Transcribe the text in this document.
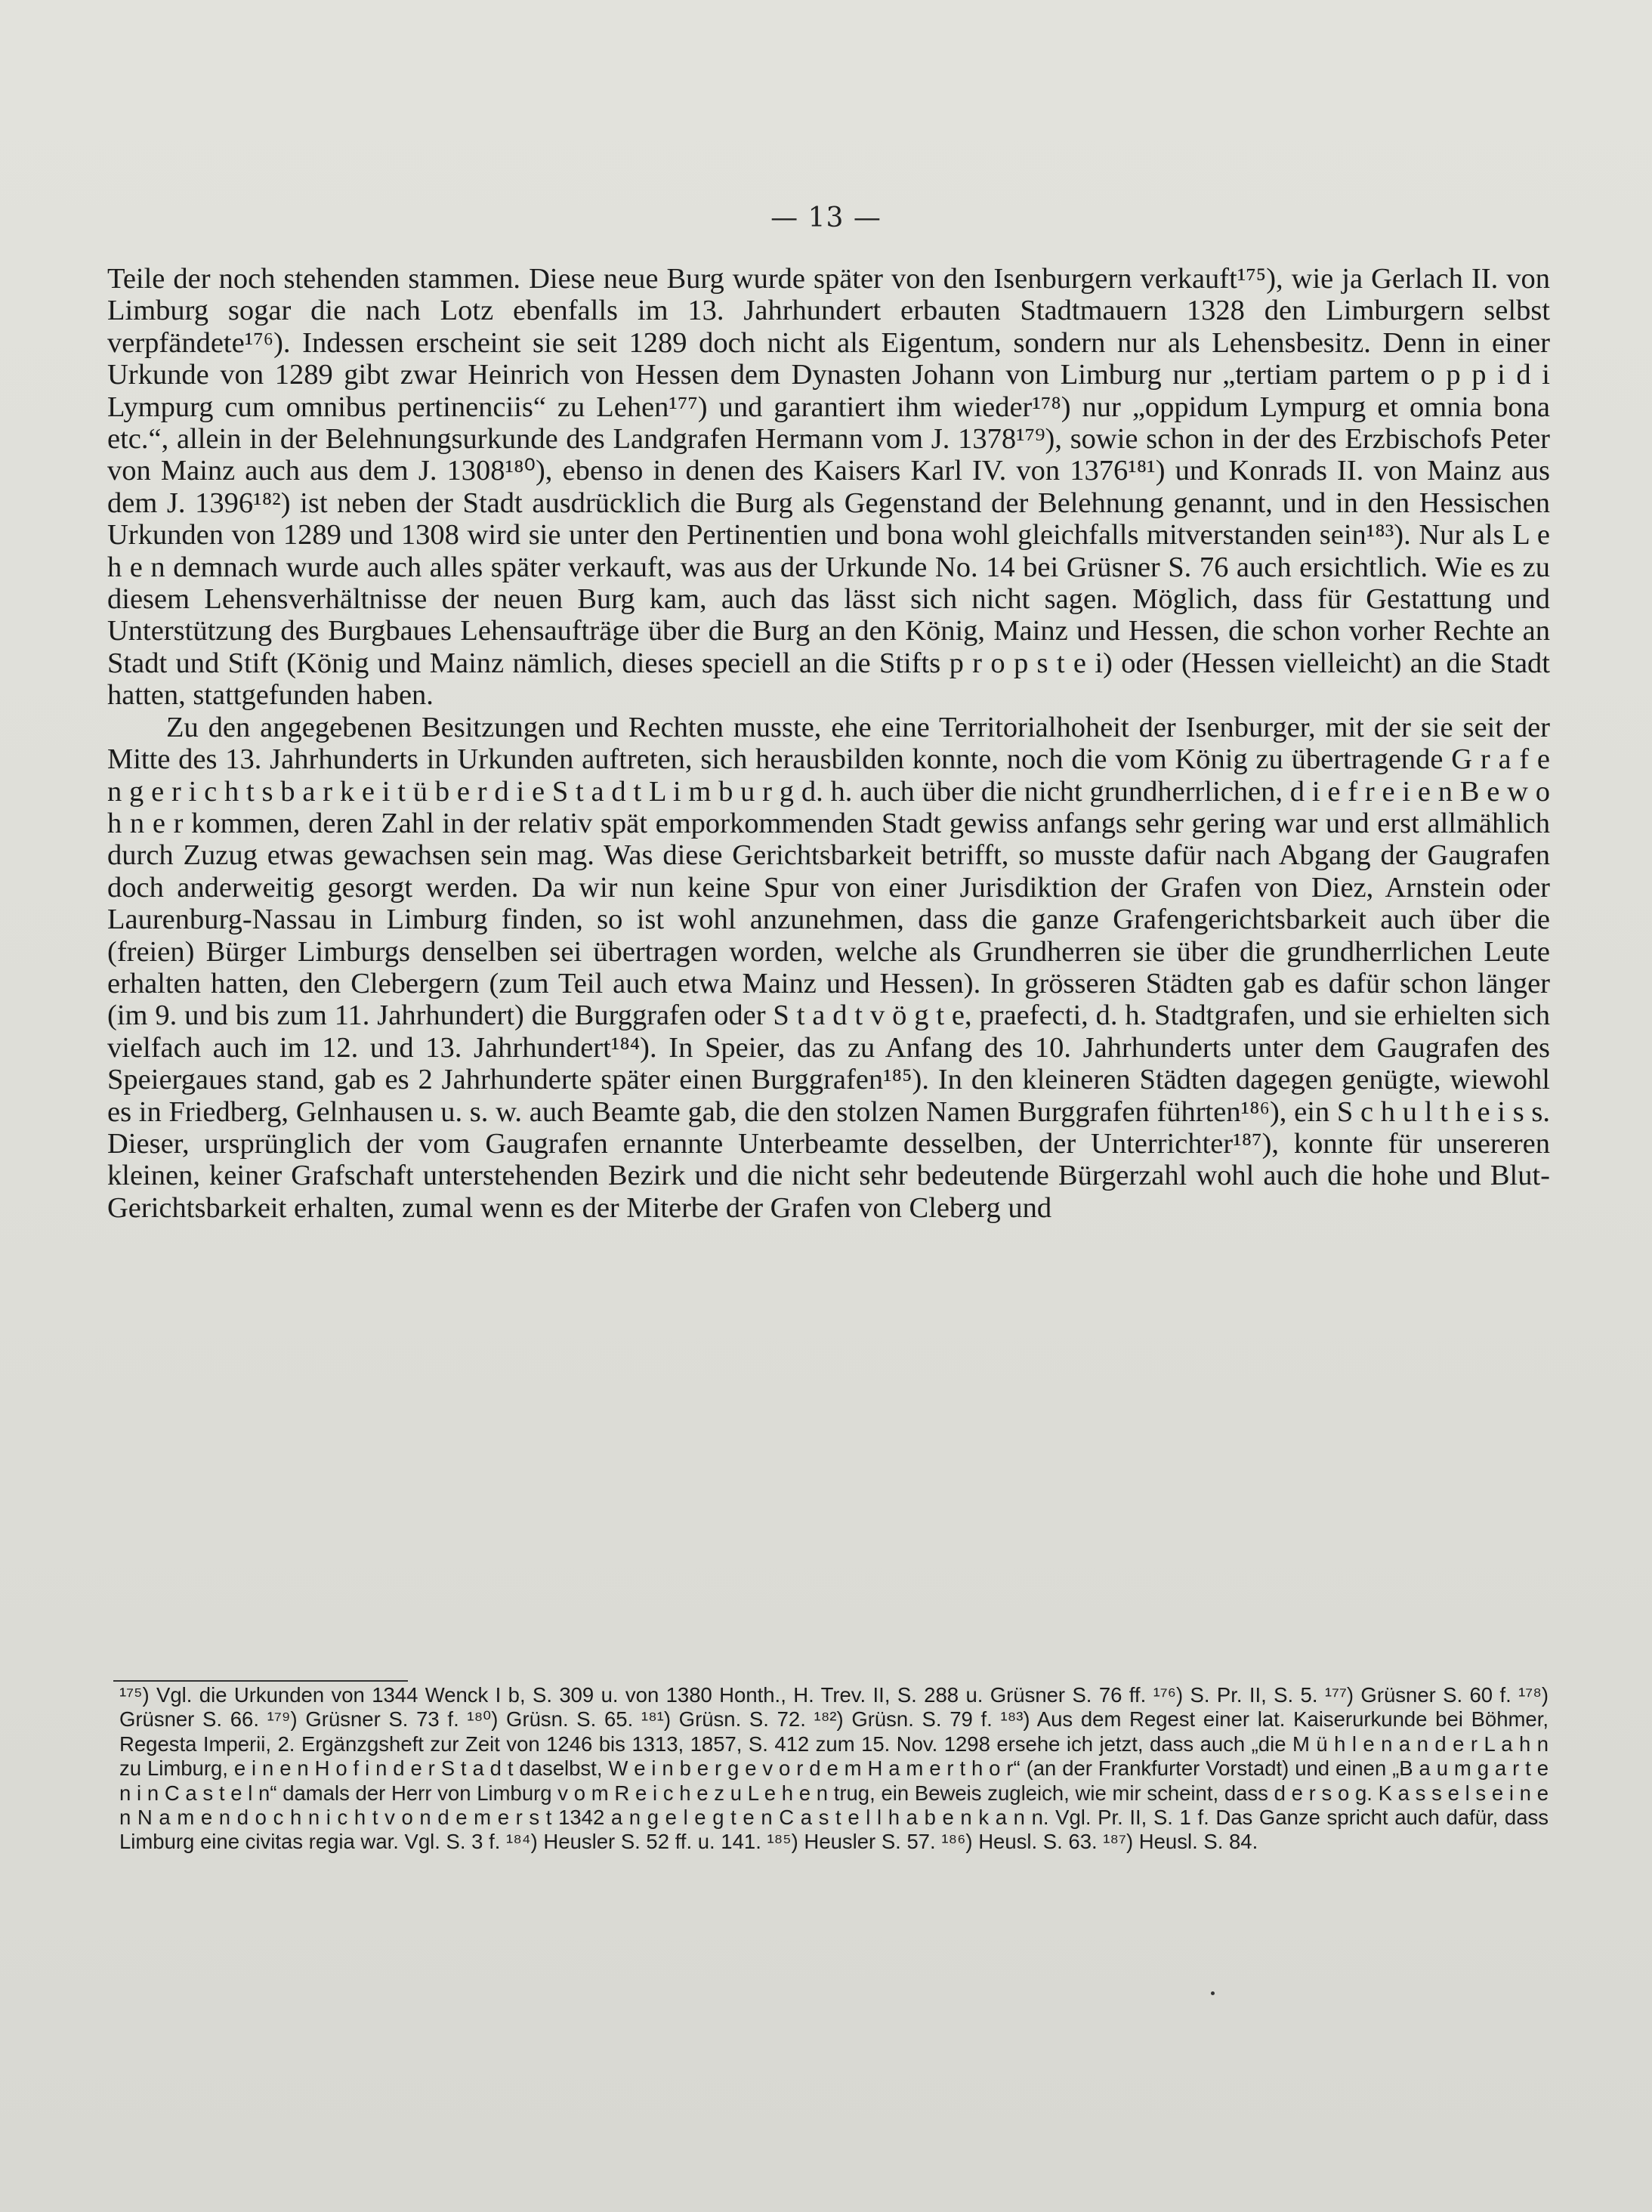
— 13 —

Teile der noch stehenden stammen. Diese neue Burg wurde später von den Isenburgern verkauft¹⁷⁵), wie ja Gerlach II. von Limburg sogar die nach Lotz ebenfalls im 13. Jahrhundert erbauten Stadtmauern 1328 den Limburgern selbst verpfändete¹⁷⁶). Indessen erscheint sie seit 1289 doch nicht als Eigentum, sondern nur als Lehensbesitz. Denn in einer Urkunde von 1289 gibt zwar Heinrich von Hessen dem Dynasten Johann von Limburg nur „tertiam partem o p p i d i Lympurg cum omnibus pertinenciis“ zu Lehen¹⁷⁷) und garantiert ihm wieder¹⁷⁸) nur „oppidum Lympurg et omnia bona etc.“, allein in der Belehnungsurkunde des Landgrafen Hermann vom J. 1378¹⁷⁹), sowie schon in der des Erzbischofs Peter von Mainz auch aus dem J. 1308¹⁸⁰), ebenso in denen des Kaisers Karl IV. von 1376¹⁸¹) und Konrads II. von Mainz aus dem J. 1396¹⁸²) ist neben der Stadt ausdrücklich die Burg als Gegenstand der Belehnung genannt, und in den Hessischen Urkunden von 1289 und 1308 wird sie unter den Pertinentien und bona wohl gleichfalls mitverstanden sein¹⁸³). Nur als L e h e n demnach wurde auch alles später verkauft, was aus der Urkunde No. 14 bei Grüsner S. 76 auch ersichtlich. Wie es zu diesem Lehensverhältnisse der neuen Burg kam, auch das lässt sich nicht sagen. Möglich, dass für Gestattung und Unterstützung des Burgbaues Lehensaufträge über die Burg an den König, Mainz und Hessen, die schon vorher Rechte an Stadt und Stift (König und Mainz nämlich, dieses speciell an die Stifts p r o p s t e i) oder (Hessen vielleicht) an die Stadt hatten, stattgefunden haben.

Zu den angegebenen Besitzungen und Rechten musste, ehe eine Territorialhoheit der Isenburger, mit der sie seit der Mitte des 13. Jahrhunderts in Urkunden auftreten, sich herausbilden konnte, noch die vom König zu übertragende G r a f e n g e r i c h t s b a r k e i t ü b e r d i e S t a d t L i m b u r g d. h. auch über die nicht grundherrlichen, d i e f r e i e n B e w o h n e r kommen, deren Zahl in der relativ spät emporkommenden Stadt gewiss anfangs sehr gering war und erst allmählich durch Zuzug etwas gewachsen sein mag. Was diese Gerichtsbarkeit betrifft, so musste dafür nach Abgang der Gaugrafen doch anderweitig gesorgt werden. Da wir nun keine Spur von einer Jurisdiktion der Grafen von Diez, Arnstein oder Laurenburg-Nassau in Limburg finden, so ist wohl anzunehmen, dass die ganze Grafengerichtsbarkeit auch über die (freien) Bürger Limburgs denselben sei übertragen worden, welche als Grundherren sie über die grundherrlichen Leute erhalten hatten, den Clebergern (zum Teil auch etwa Mainz und Hessen). In grösseren Städten gab es dafür schon länger (im 9. und bis zum 11. Jahrhundert) die Burggrafen oder S t a d t v ö g t e, praefecti, d. h. Stadtgrafen, und sie erhielten sich vielfach auch im 12. und 13. Jahrhundert¹⁸⁴). In Speier, das zu Anfang des 10. Jahrhunderts unter dem Gaugrafen des Speiergaues stand, gab es 2 Jahrhunderte später einen Burggrafen¹⁸⁵). In den kleineren Städten dagegen genügte, wiewohl es in Friedberg, Gelnhausen u. s. w. auch Beamte gab, die den stolzen Namen Burggrafen führten¹⁸⁶), ein S c h u l t h e i s s. Dieser, ursprünglich der vom Gaugrafen ernannte Unterbeamte desselben, der Unterrichter¹⁸⁷), konnte für unsereren kleinen, keiner Grafschaft unterstehenden Bezirk und die nicht sehr bedeutende Bürgerzahl wohl auch die hohe und Blut-Gerichtsbarkeit erhalten, zumal wenn es der Miterbe der Grafen von Cleberg und

¹⁷⁵) Vgl. die Urkunden von 1344 Wenck I b, S. 309 u. von 1380 Honth., H. Trev. II, S. 288 u. Grüsner S. 76 ff. ¹⁷⁶) S. Pr. II, S. 5. ¹⁷⁷) Grüsner S. 60 f. ¹⁷⁸) Grüsner S. 66. ¹⁷⁹) Grüsner S. 73 f. ¹⁸⁰) Grüsn. S. 65. ¹⁸¹) Grüsn. S. 72. ¹⁸²) Grüsn. S. 79 f. ¹⁸³) Aus dem Regest einer lat. Kaiserurkunde bei Böhmer, Regesta Imperii, 2. Ergänzgsheft zur Zeit von 1246 bis 1313, 1857, S. 412 zum 15. Nov. 1298 ersehe ich jetzt, dass auch „die M ü h l e n a n d e r L a h n zu Limburg, e i n e n H o f i n d e r S t a d t daselbst, W e i n b e r g e v o r d e m H a m e r t h o r“ (an der Frankfurter Vorstadt) und einen „B a u m g a r t e n i n C a s t e l n“ damals der Herr von Limburg v o m R e i c h e z u L e h e n trug, ein Beweis zugleich, wie mir scheint, dass d e r s o g. K a s s e l s e i n e n N a m e n d o c h n i c h t v o n d e m e r s t 1342 a n g e l e g t e n C a s t e l l h a b e n k a n n. Vgl. Pr. II, S. 1 f. Das Ganze spricht auch dafür, dass Limburg eine civitas regia war. Vgl. S. 3 f. ¹⁸⁴) Heusler S. 52 ff. u. 141. ¹⁸⁵) Heusler S. 57. ¹⁸⁶) Heusl. S. 63. ¹⁸⁷) Heusl. S. 84.
